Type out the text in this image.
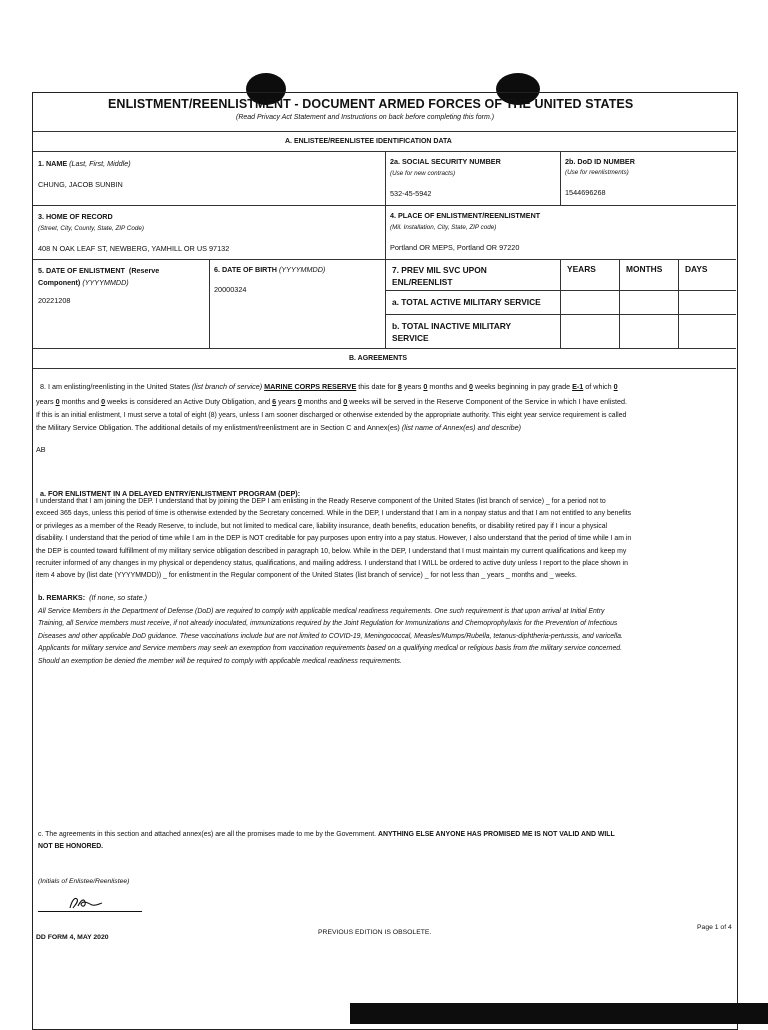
ENLISTMENT/REENLISTMENT - DOCUMENT ARMED FORCES OF THE UNITED STATES
(Read Privacy Act Statement and Instructions on back before completing this form.)
A. ENLISTEE/REENLISTEE IDENTIFICATION DATA
1. NAME (Last, First, Middle)
CHUNG, JACOB SUNBIN
2a. SOCIAL SECURITY NUMBER
(Use for new contracts)
532-45-5942
2b. DoD ID NUMBER
(Use for reenlistments)
1544696268
3. HOME OF RECORD
(Street, City, County, State, ZIP Code)
408 N OAK LEAF ST, NEWBERG, YAMHILL OR US 97132
4. PLACE OF ENLISTMENT/REENLISTMENT
(Mil. Installation, City, State, ZIP code)
Portland OR MEPS, Portland OR 97220
5. DATE OF ENLISTMENT (Reserve
Component) (YYYYMMDD)
20221208
6. DATE OF BIRTH (YYYYMMDD)
20000324
7. PREV MIL SVC UPON
ENL/REENLIST
YEARS	MONTHS	DAYS
a. TOTAL ACTIVE MILITARY SERVICE
b. TOTAL INACTIVE MILITARY
SERVICE
B. AGREEMENTS
8. I am enlisting/reenlisting in the United States (list branch of service) MARINE CORPS RESERVE this date for 8 years 0 months and 0 weeks beginning in pay grade E-1 of which 0
years 0 months and 0 weeks is considered an Active Duty Obligation, and 6 years 0 months and 0 weeks will be served in the Reserve Component of the Service in which I have enlisted.
If this is an initial enlistment, I must serve a total of eight (8) years, unless I am sooner discharged or otherwise extended by the appropriate authority. This eight year service requirement is called
the Military Service Obligation. The additional details of my enlistment/reenlistment are in Section C and Annex(es) (list name of Annex(es) and describe)
AB
a. FOR ENLISTMENT IN A DELAYED ENTRY/ENLISTMENT PROGRAM (DEP):
I understand that I am joining the DEP. I understand that by joining the DEP I am enlisting in the Ready Reserve component of the United States (list branch of service) _ for a period not to
exceed 365 days, unless this period of time is otherwise extended by the Secretary concerned. While in the DEP, I understand that I am in a nonpay status and that I am not entitled to any benefits
or privileges as a member of the Ready Reserve, to include, but not limited to medical care, liability insurance, death benefits, education benefits, or disability retired pay if I incur a physical
disability. I understand that the period of time while I am in the DEP is NOT creditable for pay purposes upon entry into a pay status. However, I also understand that the period of time while I am in
the DEP is counted toward fulfillment of my military service obligation described in paragraph 10, below. While in the DEP, I understand that I must maintain my current qualifications and keep my
recruiter informed of any changes in my physical or dependency status, qualifications, and mailing address. I understand that I WILL be ordered to active duty unless I report to the place shown in
item 4 above by (list date (YYYYMMDD)) _ for enlistment in the Regular component of the United States (list branch of service) _ for not less than _ years _ months and _ weeks.
b. REMARKS: (If none, so state.)
All Service Members in the Department of Defense (DoD) are required to comply with applicable medical readiness requirements. One such requirement is that upon arrival at Initial Entry
Training, all Service members must receive, if not already inoculated, immunizations required by the Joint Regulation for Immunizations and Chemoprophylaxis for the Prevention of Infectious
Diseases and other applicable DoD guidance. These vaccinations include but are not limited to COVID-19, Meningococcal, Measles/Mumps/Rubella, tetanus-diphtheria-pertussis, and varicella.
Applicants for military service and Service members may seek an exemption from vaccination requirements based on a qualifying medical or religious basis from the military service concerned.
Should an exemption be denied the member will be required to comply with applicable medical readiness requirements.
c. The agreements in this section and attached annex(es) are all the promises made to me by the Government. ANYTHING ELSE ANYONE HAS PROMISED ME IS NOT VALID AND WILL
NOT BE HONORED.
(Initials of Enlistee/Reenlistee)
DD FORM 4, MAY 2020
PREVIOUS EDITION IS OBSOLETE.
Page 1 of 4
